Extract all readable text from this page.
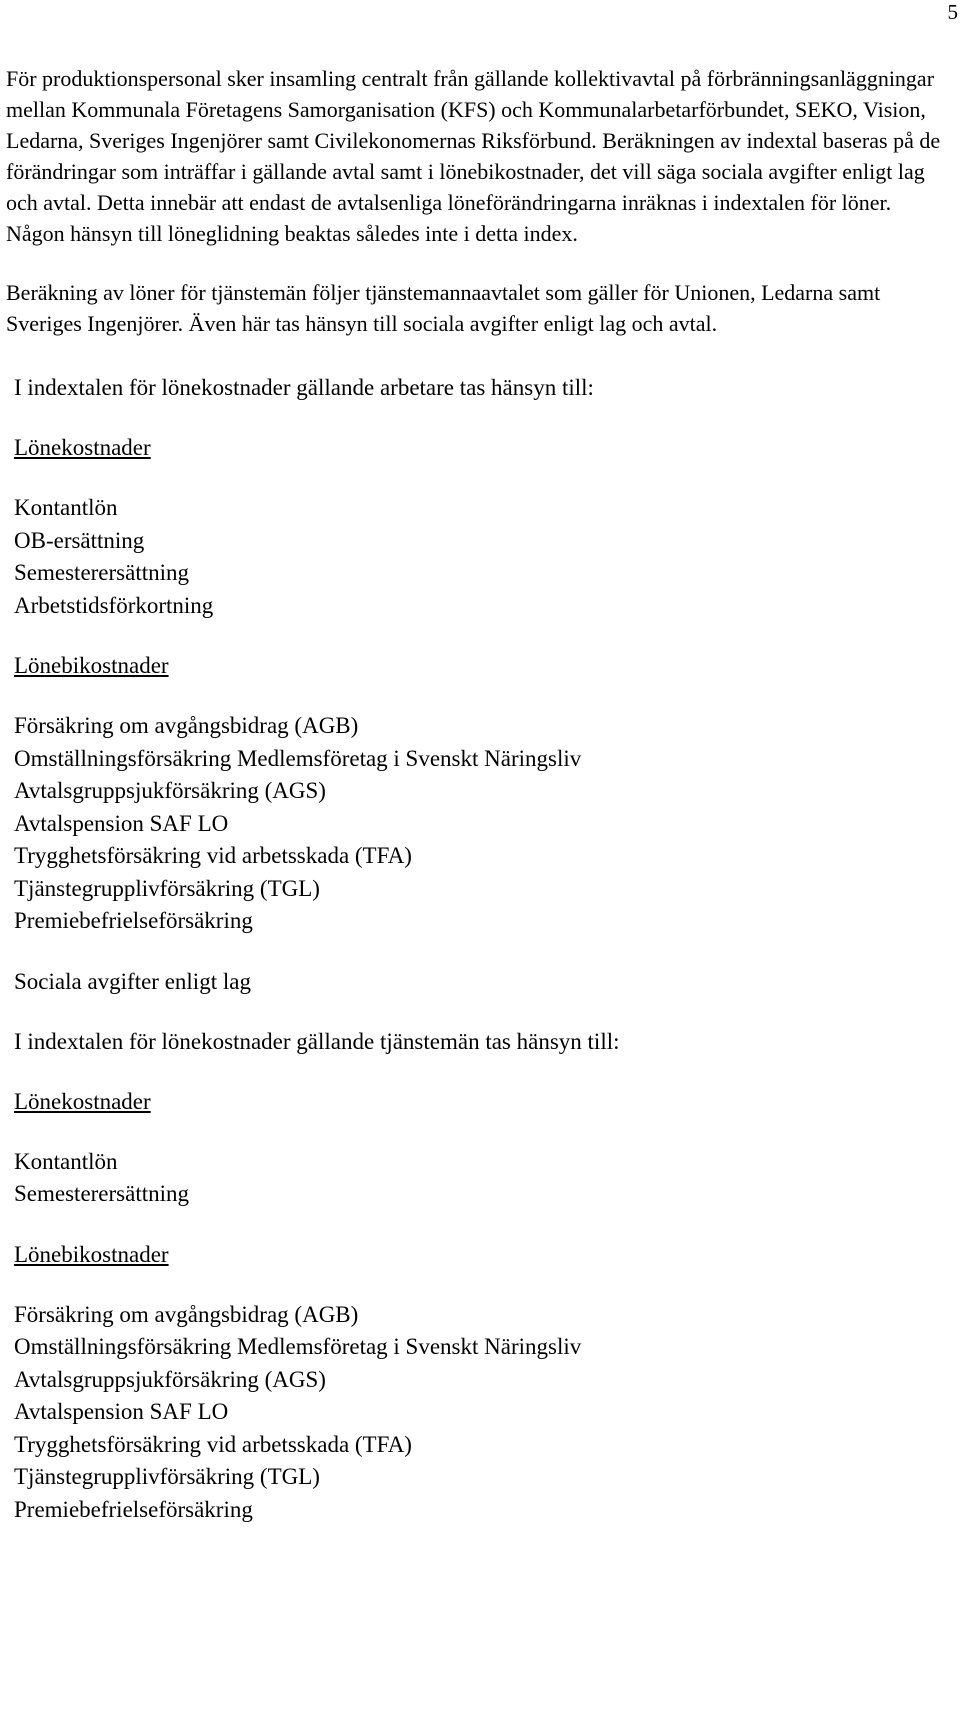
5

För produktionspersonal sker insamling centralt från gällande kollektivavtal på förbränningsanläggningar mellan Kommunala Företagens Samorganisation (KFS) och Kommunalarbetarförbundet, SEKO, Vision, Ledarna, Sveriges Ingenjörer samt Civilekonomernas Riksförbund. Beräkningen av indextal baseras på de förändringar som inträffar i gällande avtal samt i lönebikostnader, det vill säga sociala avgifter enligt lag och avtal. Detta innebär att endast de avtalsenliga löneförändringarna inräknas i indextalen för löner. Någon hänsyn till löneglidning beaktas således inte i detta index.

Beräkning av löner för tjänstemän följer tjänstemannaavtalet som gäller för Unionen, Ledarna samt Sveriges Ingenjörer. Även här tas hänsyn till sociala avgifter enligt lag och avtal.

I indextalen för lönekostnader gällande arbetare tas hänsyn till:

Lönekostnader

Kontantlön

OB-ersättning

Semesterersättning

Arbetstidsförkortning

Lönebikostnader

Försäkring om avgångsbidrag (AGB)

Omställningsförsäkring Medlemsföretag i Svenskt Näringsliv

Avtalsgruppsjukförsäkring (AGS)

Avtalspension SAF LO

Trygghetsförsäkring vid arbetsskada (TFA)

Tjänstegrupplivförsäkring (TGL)

Premiebefrielseförsäkring

Sociala avgifter enligt lag

I indextalen för lönekostnader gällande tjänstemän tas hänsyn till:

Lönekostnader

Kontantlön

Semesterersättning

Lönebikostnader

Försäkring om avgångsbidrag (AGB)

Omställningsförsäkring Medlemsföretag i Svenskt Näringsliv

Avtalsgruppsjukförsäkring (AGS)

Avtalspension SAF LO

Trygghetsförsäkring vid arbetsskada (TFA)

Tjänstegrupplivförsäkring (TGL)

Premiebefrielseförsäkring
